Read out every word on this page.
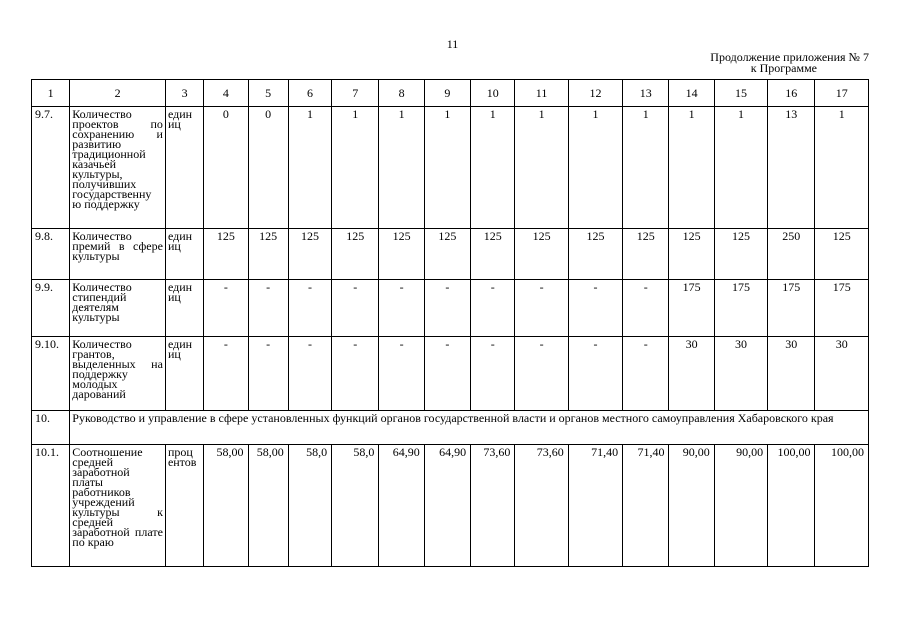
11
Продолжение приложения № 7
к Программе
1	2	3	4	5	6	7	8	9	10	11	12	13	14	15	16	17
9.7.	Количество проектов по сохранению и развитию традиционной казачьей культуры, получивших государственну ю поддержку	един иц	0	0	1	1	1	1	1	1	1	1	1	1	13	1
9.8.	Количество премий в сфере культуры	един иц	125	125	125	125	125	125	125	125	125	125	125	125	250	125
9.9.	Количество стипендий деятелям культуры	един иц	-	-	-	-	-	-	-	-	-	-	175	175	175	175
9.10.	Количество грантов, выделенных на поддержку молодых дарований	един иц	-	-	-	-	-	-	-	-	-	-	30	30	30	30
10.	Руководство и управление в сфере установленных функций органов государственной власти и органов местного самоуправления Хабаровского края															
10.1.	Соотношение средней заработной платы работников учреждений культуры к средней заработной плате по краю	проц ентов	58,00	58,00	58,0	58,0	64,90	64,90	73,60	73,60	71,40	71,40	90,00	90,00	100,00	100,00
